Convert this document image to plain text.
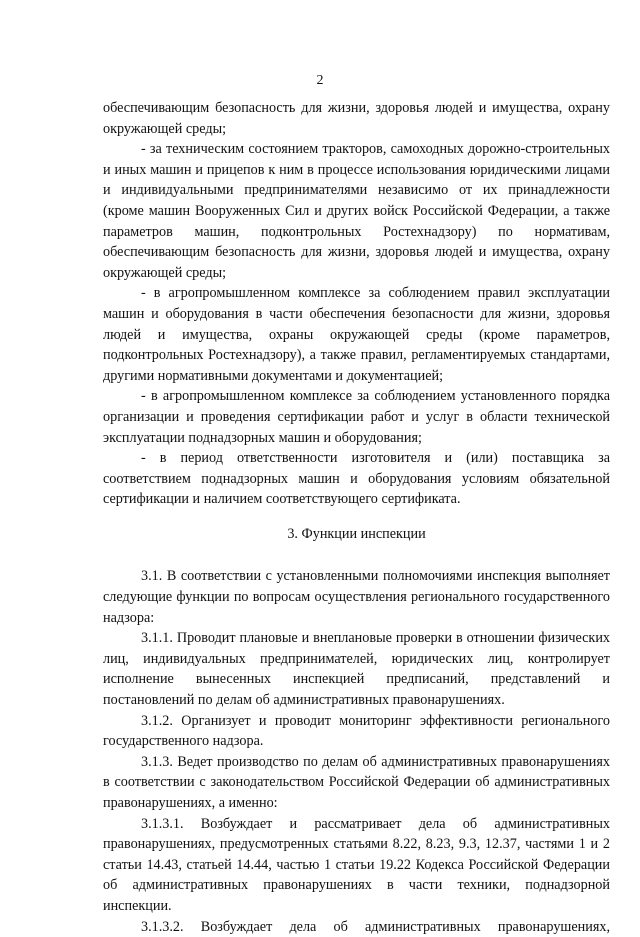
2

обеспечивающим безопасность для жизни, здоровья людей и имущества, охрану окружающей среды;

- за техническим состоянием тракторов, самоходных дорожно-строительных и иных машин и прицепов к ним в процессе использования юридическими лицами и индивидуальными предпринимателями независимо от их принадлежности (кроме машин Вооруженных Сил и других войск Российской Федерации, а также параметров машин, подконтрольных Ростехнадзору) по нормативам, обеспечивающим безопасность для жизни, здоровья людей и имущества, охрану окружающей среды;

- в агропромышленном комплексе за соблюдением правил эксплуатации машин и оборудования в части обеспечения безопасности для жизни, здоровья людей и имущества, охраны окружающей среды (кроме параметров, подконтрольных Ростехнадзору), а также правил, регламентируемых стандартами, другими нормативными документами и документацией;

- в агропромышленном комплексе за соблюдением установленного порядка организации и проведения сертификации работ и услуг в области технической эксплуатации поднадзорных машин и оборудования;

- в период ответственности изготовителя и (или) поставщика за соответствием поднадзорных машин и оборудования условиям обязательной сертификации и наличием соответствующего сертификата.

3. Функции инспекции

3.1. В соответствии с установленными полномочиями инспекция выполняет следующие функции по вопросам осуществления регионального государственного надзора:

3.1.1. Проводит плановые и внеплановые проверки в отношении физических лиц, индивидуальных предпринимателей, юридических лиц, контролирует исполнение вынесенных инспекцией предписаний, представлений и постановлений по делам об административных правонарушениях.

3.1.2. Организует и проводит мониторинг эффективности регионального государственного надзора.

3.1.3. Ведет производство по делам об административных правонарушениях в соответствии с законодательством Российской Федерации об административных правонарушениях, а именно:

3.1.3.1. Возбуждает и рассматривает дела об административных правонарушениях, предусмотренных статьями 8.22, 8.23, 9.3, 12.37, частями 1 и 2 статьи 14.43, статьей 14.44, частью 1 статьи 19.22 Кодекса Российской Федерации об административных правонарушениях в части техники, поднадзорной инспекции.

3.1.3.2. Возбуждает дела об административных правонарушениях,
